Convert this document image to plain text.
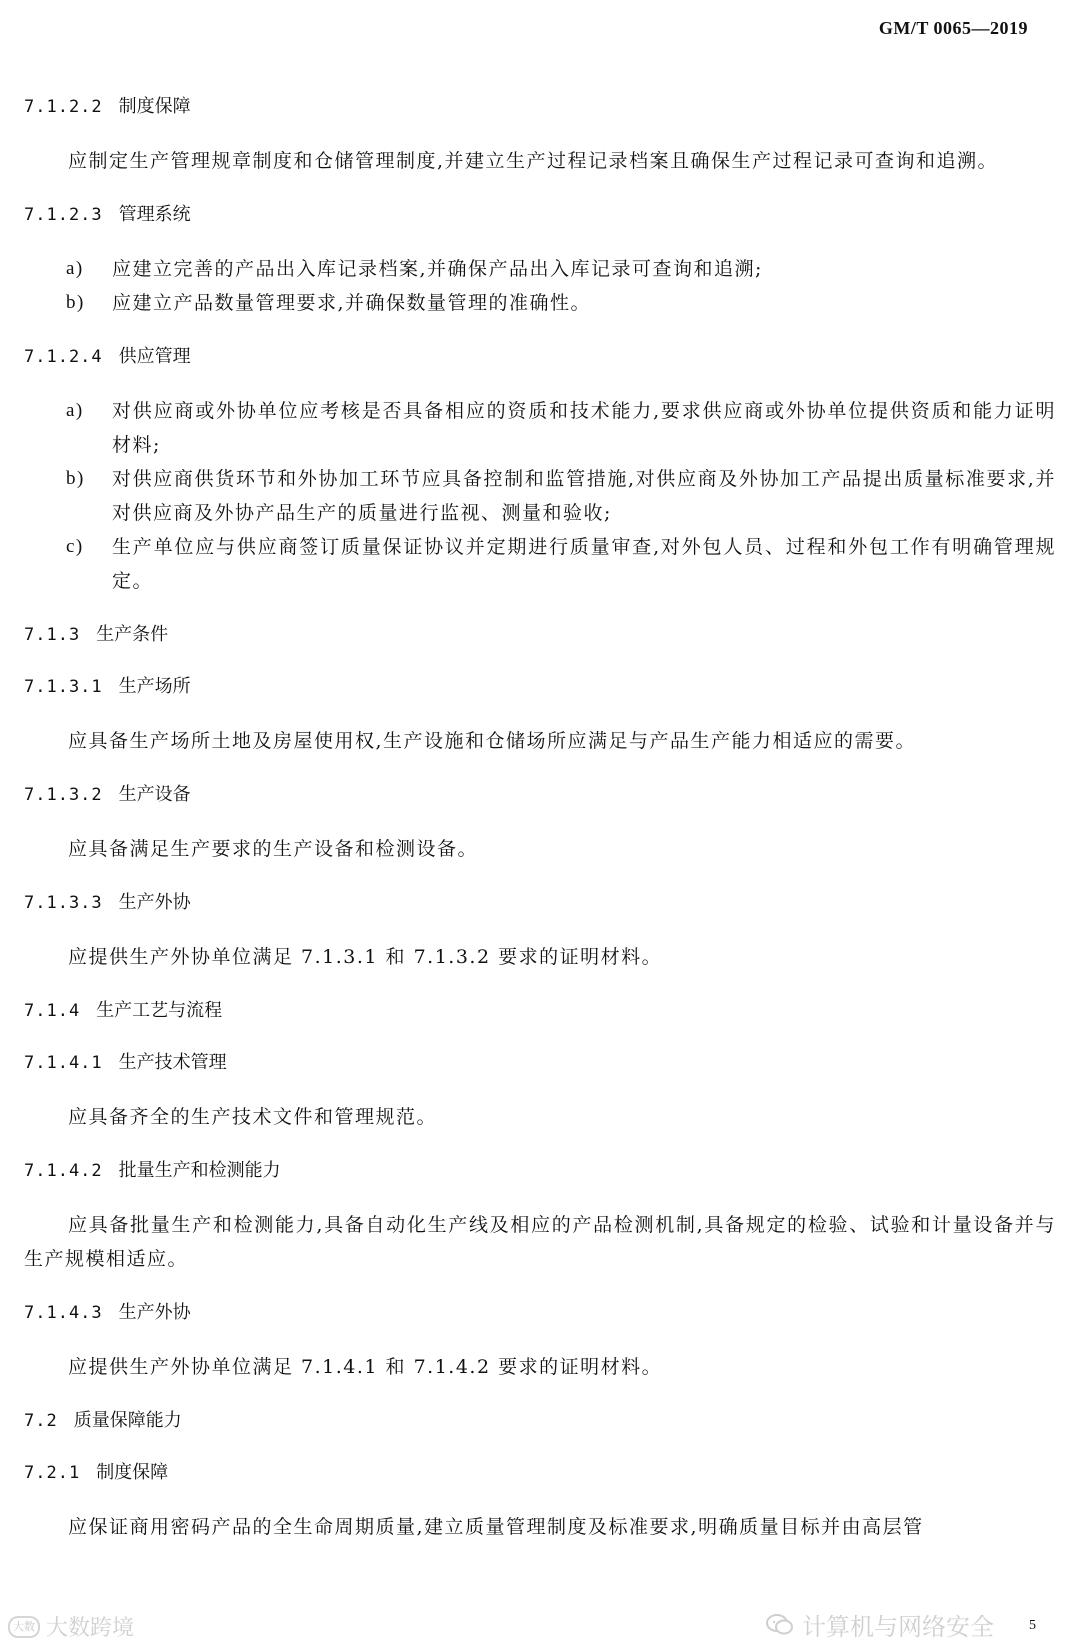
GM/T 0065—2019
7.1.2.2 制度保障

应制定生产管理规章制度和仓储管理制度,并建立生产过程记录档案且确保生产过程记录可查询和追溯。

7.1.2.3 管理系统
a)	应建立完善的产品出入库记录档案,并确保产品出入库记录可查询和追溯;
b)	应建立产品数量管理要求,并确保数量管理的准确性。
7.1.2.4 供应管理
a)	对供应商或外协单位应考核是否具备相应的资质和技术能力,要求供应商或外协单位提供资质和能力证明材料;
b)	对供应商供货环节和外协加工环节应具备控制和监管措施,对供应商及外协加工产品提出质量标准要求,并对供应商及外协产品生产的质量进行监视、测量和验收;
c)	生产单位应与供应商签订质量保证协议并定期进行质量审查,对外包人员、过程和外包工作有明确管理规定。
7.1.3 生产条件
7.1.3.1 生产场所

应具备生产场所土地及房屋使用权,生产设施和仓储场所应满足与产品生产能力相适应的需要。

7.1.3.2 生产设备

应具备满足生产要求的生产设备和检测设备。

7.1.3.3 生产外协

应提供生产外协单位满足 7.1.3.1 和 7.1.3.2 要求的证明材料。

7.1.4 生产工艺与流程
7.1.4.1 生产技术管理

应具备齐全的生产技术文件和管理规范。

7.1.4.2 批量生产和检测能力

应具备批量生产和检测能力,具备自动化生产线及相应的产品检测机制,具备规定的检验、试验和计量设备并与生产规模相适应。

7.1.4.3 生产外协

应提供生产外协单位满足 7.1.4.1 和 7.1.4.2 要求的证明材料。

7.2 质量保障能力
7.2.1 制度保障

应保证商用密码产品的全生命周期质量,建立质量管理制度及标准要求,明确质量目标并由高层管

大数 大数跨境	计算机与网络安全	5
